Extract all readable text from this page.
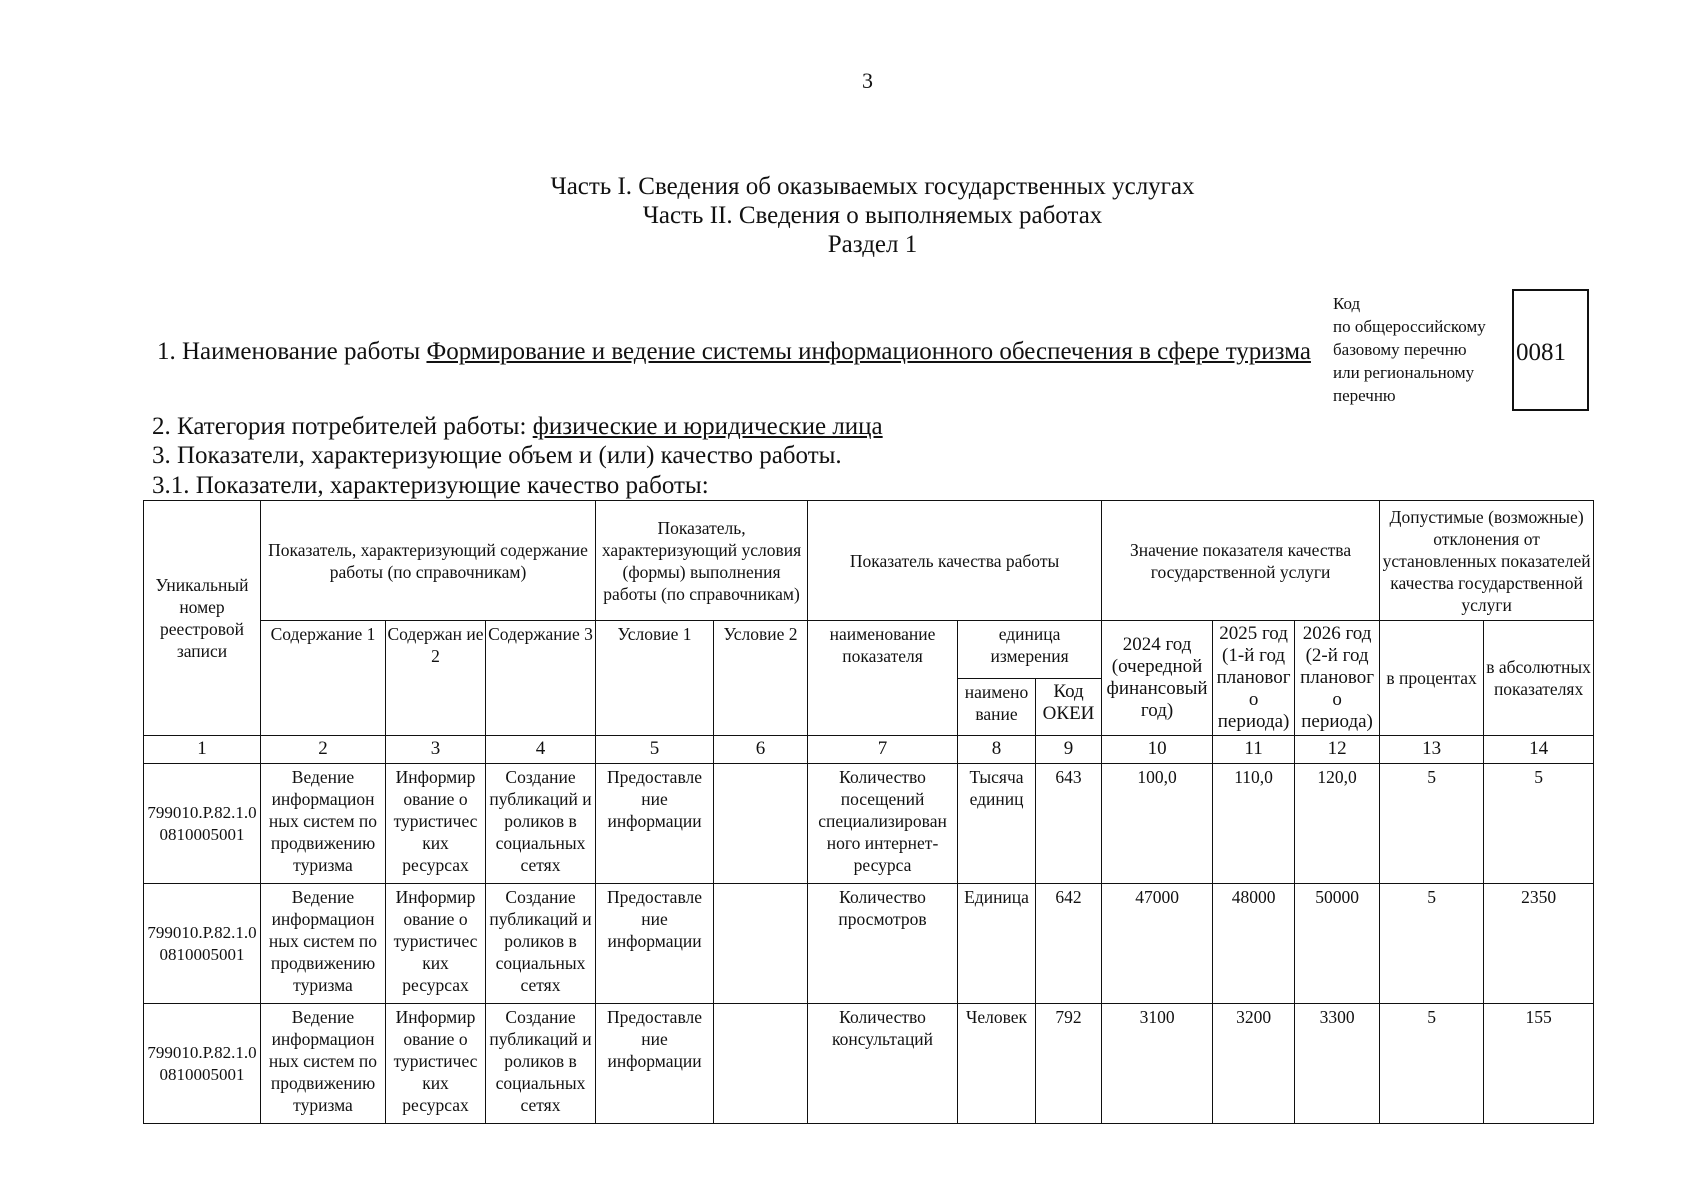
3
Часть I. Сведения об оказываемых государственных услугах
Часть II. Сведения о выполняемых работах
Раздел 1
1. Наименование работы Формирование и ведение системы информационного обеспечения в сфере туризма
Код
по общероссийскому
базовому перечню
или региональному
перечню
0081
2. Категория потребителей работы: физические и юридические лица
3. Показатели, характеризующие объем и (или) качество работы.
3.1. Показатели, характеризующие качество работы:
Уникальный номер реестровой записи	Показатель, характеризующий содержание работы (по справочникам)			Показатель, характеризующий условия (формы) выполнения работы (по справочникам)		Показатель качества работы			Значение показателя качества государственной услуги			Допустимые (возможные) отклонения от установленных показателей качества государственной услуги	
	Содержание 1	Содержан ие 2	Содержание 3	Условие 1	Условие 2	наименование показателя	единица измерения		2024 год (очередной финансовый год)	2025 год (1-й год планового периода)	2026 год (2-й год планового периода)	в процентах	в абсолютных показателях
							наимено вание	Код ОКЕИ					
1	2	3	4	5	6	7	8	9	10	11	12	13	14
799010.Р.82.1.00810005001	Ведение информацион ных систем по продвижению туризма	Информир ование о туристичес ких ресурсах	Создание публикаций и роликов в социальных сетях	Предоставле ние информации		Количество посещений специализирован ного интернет-ресурса	Тысяча единиц	643	100,0	110,0	120,0	5	5
799010.Р.82.1.00810005001	Ведение информацион ных систем по продвижению туризма	Информир ование о туристичес ких ресурсах	Создание публикаций и роликов в социальных сетях	Предоставле ние информации		Количество просмотров	Единица	642	47000	48000	50000	5	2350
799010.Р.82.1.00810005001	Ведение информацион ных систем по продвижению туризма	Информир ование о туристичес ких ресурсах	Создание публикаций и роликов в социальных сетях	Предоставле ние информации		Количество консультаций	Человек	792	3100	3200	3300	5	155
